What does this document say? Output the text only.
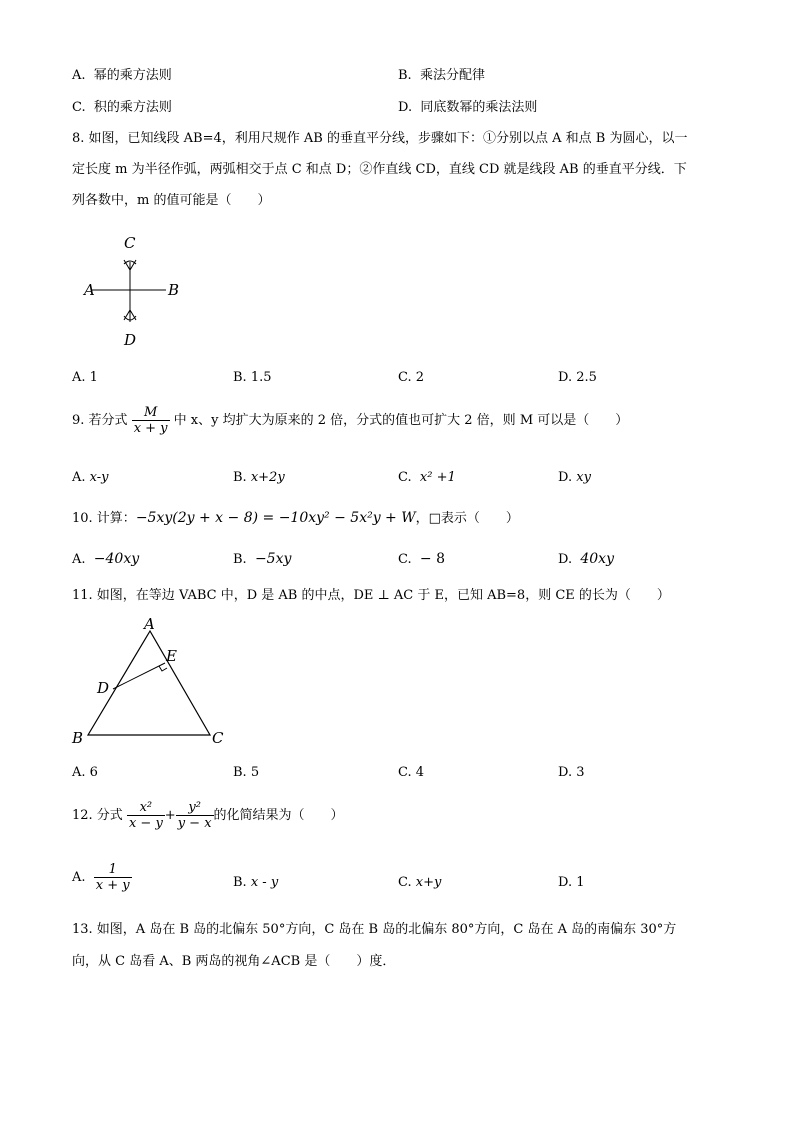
A. 幂的乘方法则	B. 乘法分配律
C. 积的乘方法则	D. 同底数幂的乘法法则
8. 如图，已知线段 AB=4，利用尺规作 AB 的垂直平分线，步骤如下：①分别以点 A 和点 B 为圆心，以一
定长度 m 为半径作弧，两弧相交于点 C 和点 D；②作直线 CD，直线 CD 就是线段 AB 的垂直平分线．下
列各数中，m 的值可能是（　　）
C
A	B
D
A. 1	B. 1.5	C. 2	D. 2.5
9. 若分式 $\frac{M}{x + y}$ 中 x、y 均扩大为原来的 2 倍，分式的值也可扩大 2 倍，则 M 可以是（　　）
A. x-y	B. x+2y	C. x² +1	D. xy
10. 计算：−5xy(2y + x − 8) = −10xy² − 5x²y + W，□表示（　　）
A. −40xy	B. −5xy	C. − 8	D. 40xy
11. 如图，在等边 VABC 中，D 是 AB 的中点，DE ⊥ AC 于 E，已知 AB=8，则 CE 的长为（　　）
A
E
D
B	C
A. 6	B. 5	C. 4	D. 3
12. 分式 $\frac{\text{x²}}{x - y} + \frac{\text{y²}}{y - x}$ 的化简结果为（　　）
A. $\frac{1}{x + y}$	B. x - y	C. x+y	D. 1
13. 如图，A 岛在 B 岛的北偏东 50°方向，C 岛在 B 岛的北偏东 80°方向，C 岛在 A 岛的南偏东 30°方
向，从 C 岛看 A、B 两岛的视角∠ACB 是（　　）度．
